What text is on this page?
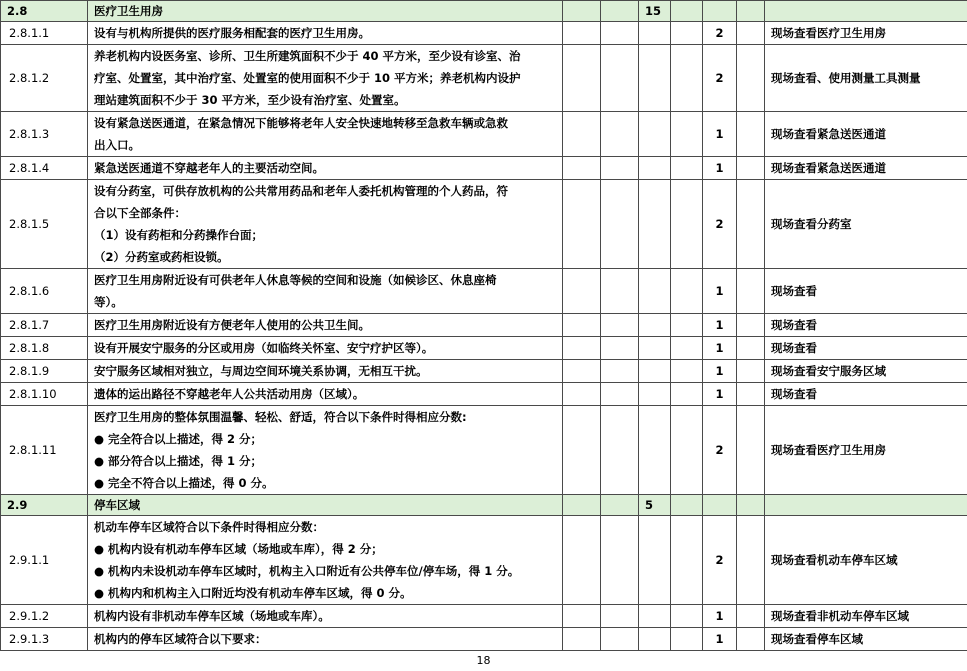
2.8	医疗卫生用房			15				
2.8.1.1	设有与机构所提供的医疗服务相配套的医疗卫生用房。					2		现场查看医疗卫生用房
2.8.1.2	养老机构内设医务室、诊所、卫生所建筑面积不少于 40 平方米，至少设有诊室、治
疗室、处置室，其中治疗室、处置室的使用面积不少于 10 平方米；养老机构内设护
理站建筑面积不少于 30 平方米，至少设有治疗室、处置室。					2		现场查看、使用测量工具测量
2.8.1.3	设有紧急送医通道，在紧急情况下能够将老年人安全快速地转移至急救车辆或急救
出入口。					1		现场查看紧急送医通道
2.8.1.4	紧急送医通道不穿越老年人的主要活动空间。					1		现场查看紧急送医通道
2.8.1.5	设有分药室，可供存放机构的公共常用药品和老年人委托机构管理的个人药品，符
合以下全部条件：
（1）设有药柜和分药操作台面；
（2）分药室或药柜设锁。					2		现场查看分药室
2.8.1.6	医疗卫生用房附近设有可供老年人休息等候的空间和设施（如候诊区、休息座椅
等）。					1		现场查看
2.8.1.7	医疗卫生用房附近设有方便老年人使用的公共卫生间。					1		现场查看
2.8.1.8	设有开展安宁服务的分区或用房（如临终关怀室、安宁疗护区等）。					1		现场查看
2.8.1.9	安宁服务区域相对独立，与周边空间环境关系协调，无相互干扰。					1		现场查看安宁服务区域
2.8.1.10	遗体的运出路径不穿越老年人公共活动用房（区域）。					1		现场查看
2.8.1.11	医疗卫生用房的整体氛围温馨、轻松、舒适，符合以下条件时得相应分数:
● 完全符合以上描述，得 2 分；
● 部分符合以上描述，得 1 分；
● 完全不符合以上描述，得 0 分。					2		现场查看医疗卫生用房
2.9	停车区域			5				
2.9.1.1	机动车停车区域符合以下条件时得相应分数：
● 机构内设有机动车停车区域（场地或车库），得 2 分；
● 机构内未设机动车停车区域时，机构主入口附近有公共停车位/停车场，得 1 分。
● 机构内和机构主入口附近均没有机动车停车区域，得 0 分。					2		现场查看机动车停车区域
2.9.1.2	机构内设有非机动车停车区域（场地或车库）。					1		现场查看非机动车停车区域
2.9.1.3	机构内的停车区域符合以下要求：					1		现场查看停车区域
18
